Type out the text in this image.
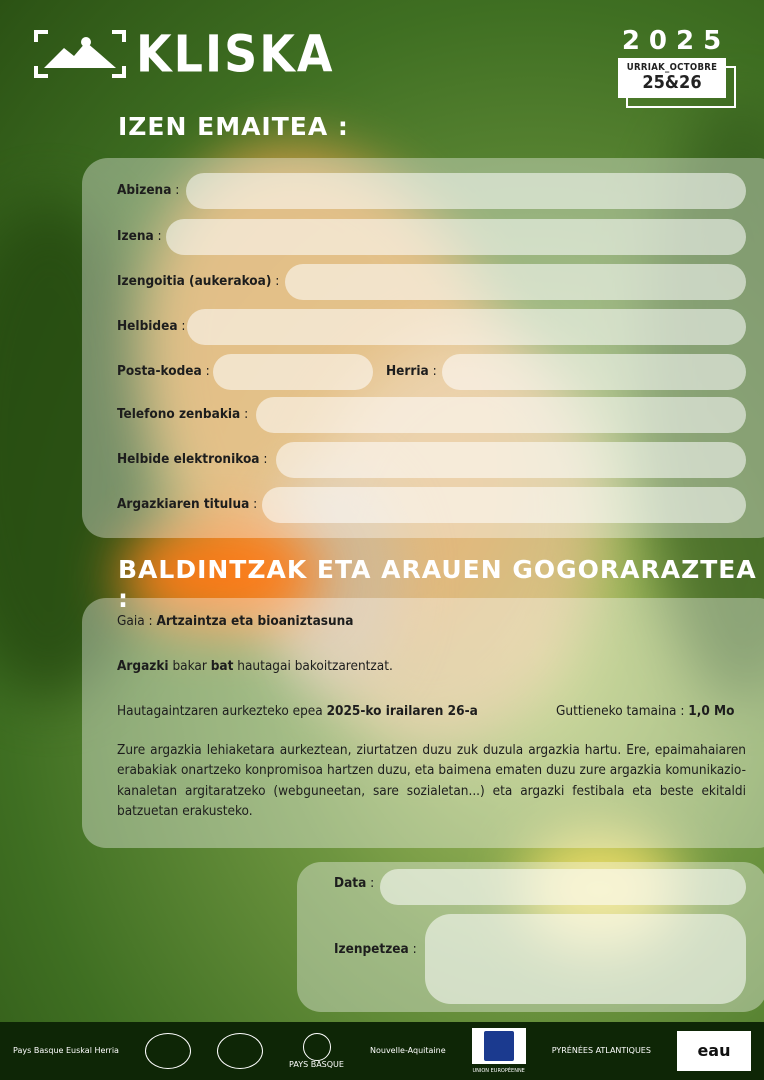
KLISKA	2025
URRIAK_OCTOBRE
25&26
IZEN EMAITEA :
Abizena :
Izena :
Izengoitia (aukerakoa) :
Helbidea :
Posta-kodea :	Herria :
Telefono zenbakia :
Helbide elektronikoa :
Argazkiaren titulua :
BALDINTZAK ETA ARAUEN GOGORARAZTEA :
Gaia : Artzaintza eta bioaniztasuna
Argazki bakar bat hautagai bakoitzarentzat.
Hautagaintzaren aurkezteko epea 2025-ko irailaren 26-a	Guttieneko tamaina : 1,0 Mo
Zure argazkia lehiaketara aurkeztean, ziurtatzen duzu zuk duzula argazkia hartu. Ere, epaimahaiaren erabakiak onartzeko konpromisoa hartzen duzu, eta baimena ematen duzu zure argazkia komunikazio-kanaletan argitaratzeko (webguneetan, sare sozialetan...) eta argazki festibala eta beste ekitaldi batzuetan erakusteko.
Data :
Izenpetzea :
Pays Basque Euskal Herria
PAYS BASQUE
Nouvelle-Aquitaine
UNION EUROPÉENNE
PYRÉNÉES ATLANTIQUES	eau
